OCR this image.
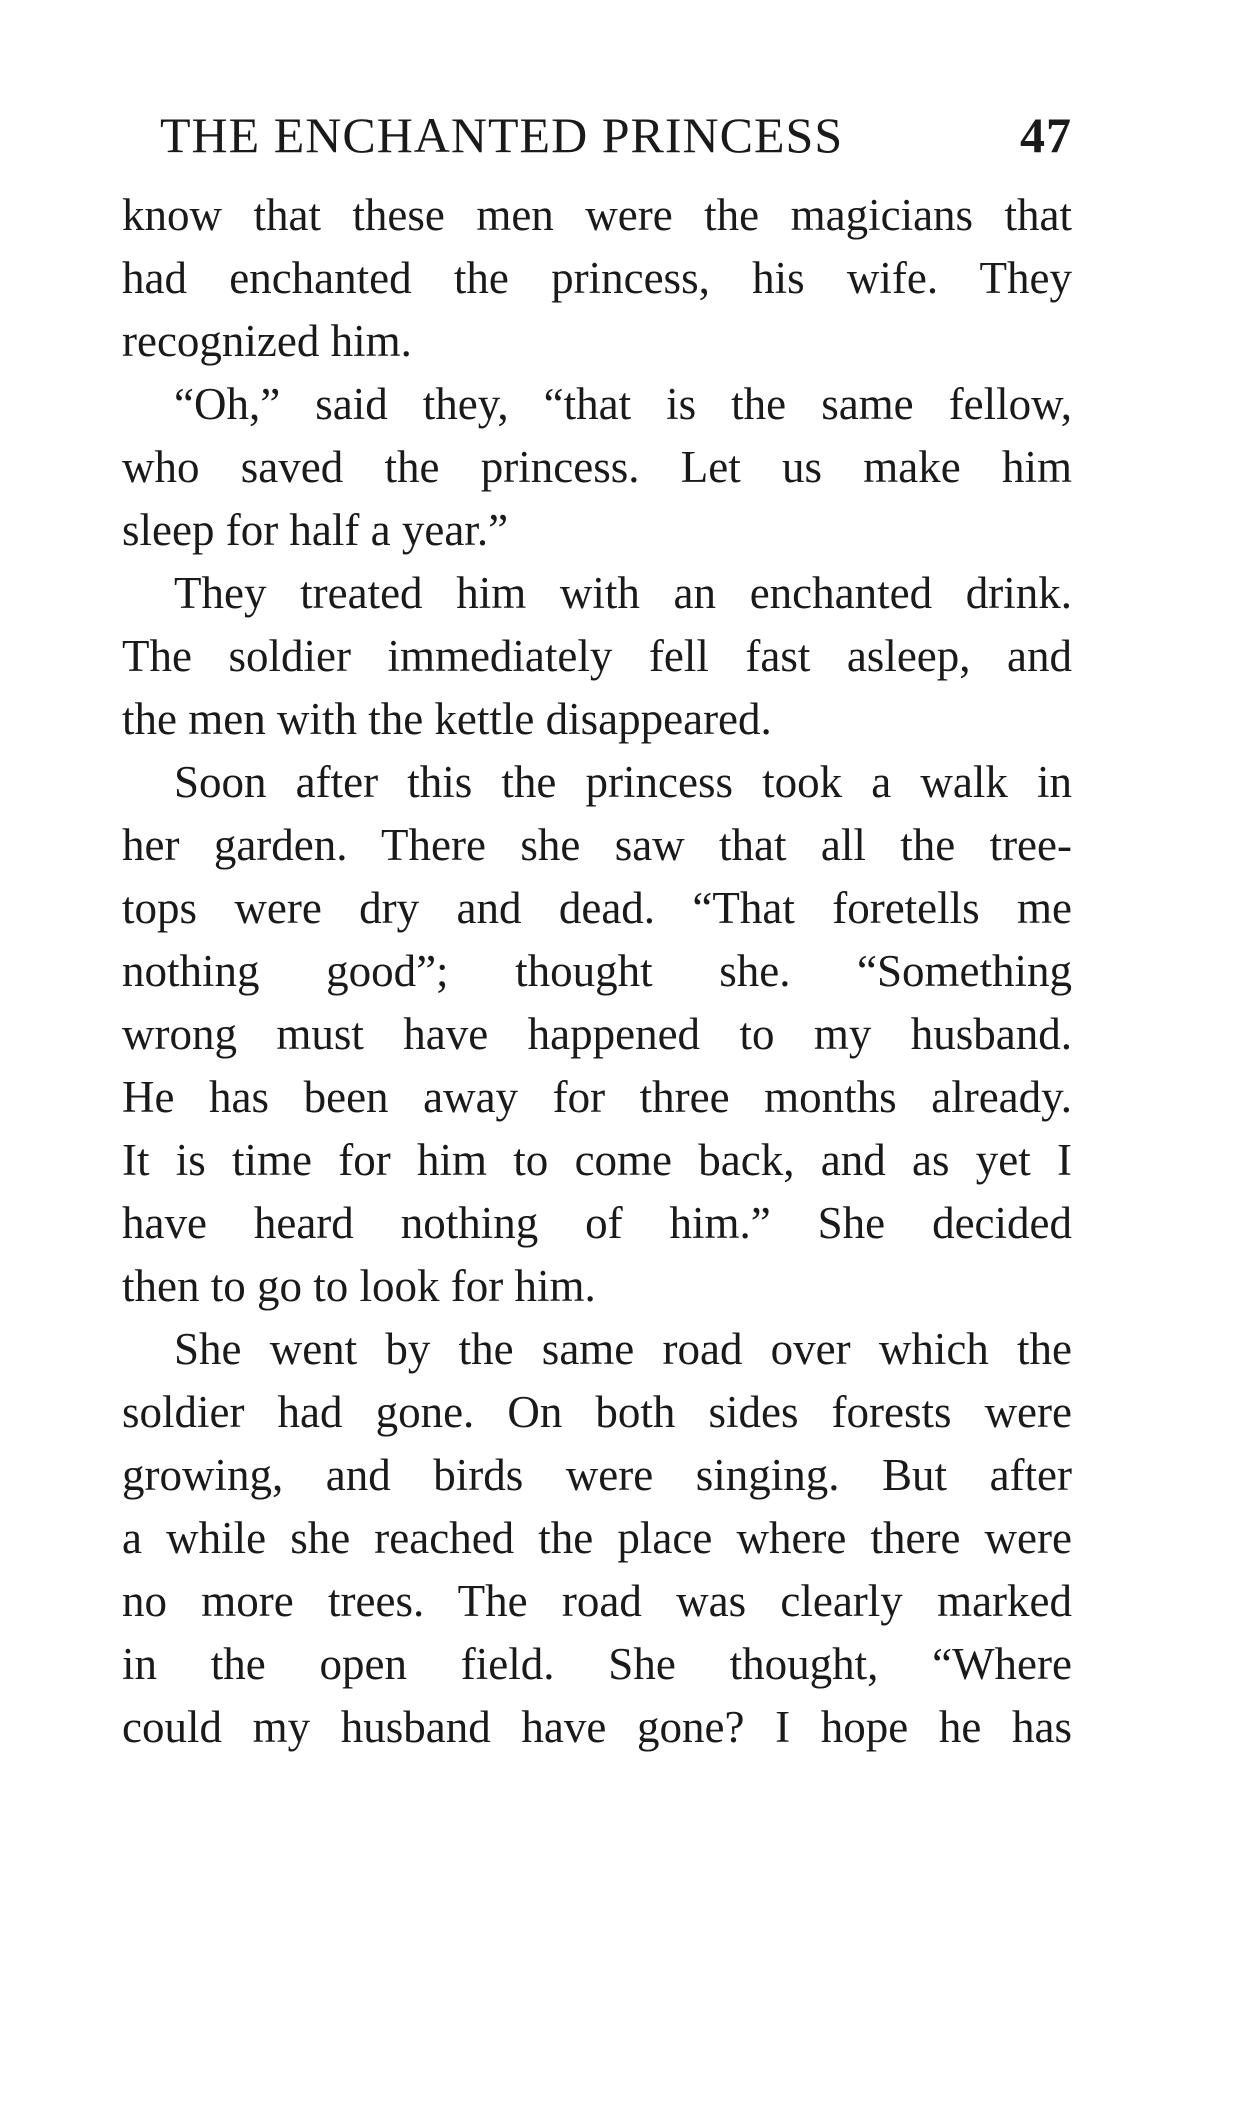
THE ENCHANTED PRINCESS	47
know that these men were the magicians that
had enchanted the princess, his wife. They
recognized him.
“Oh,” said they, “that is the same fellow,
who saved the princess. Let us make him
sleep for half a year.”
They treated him with an enchanted drink.
The soldier immediately fell fast asleep, and
the men with the kettle disappeared.
Soon after this the princess took a walk in
her garden. There she saw that all the tree-
tops were dry and dead. “That foretells me
nothing good”; thought she. “Something
wrong must have happened to my husband.
He has been away for three months already.
It is time for him to come back, and as yet I
have heard nothing of him.” She decided
then to go to look for him.
She went by the same road over which the
soldier had gone. On both sides forests were
growing, and birds were singing. But after
a while she reached the place where there were
no more trees. The road was clearly marked
in the open field. She thought, “Where
could my husband have gone? I hope he has
